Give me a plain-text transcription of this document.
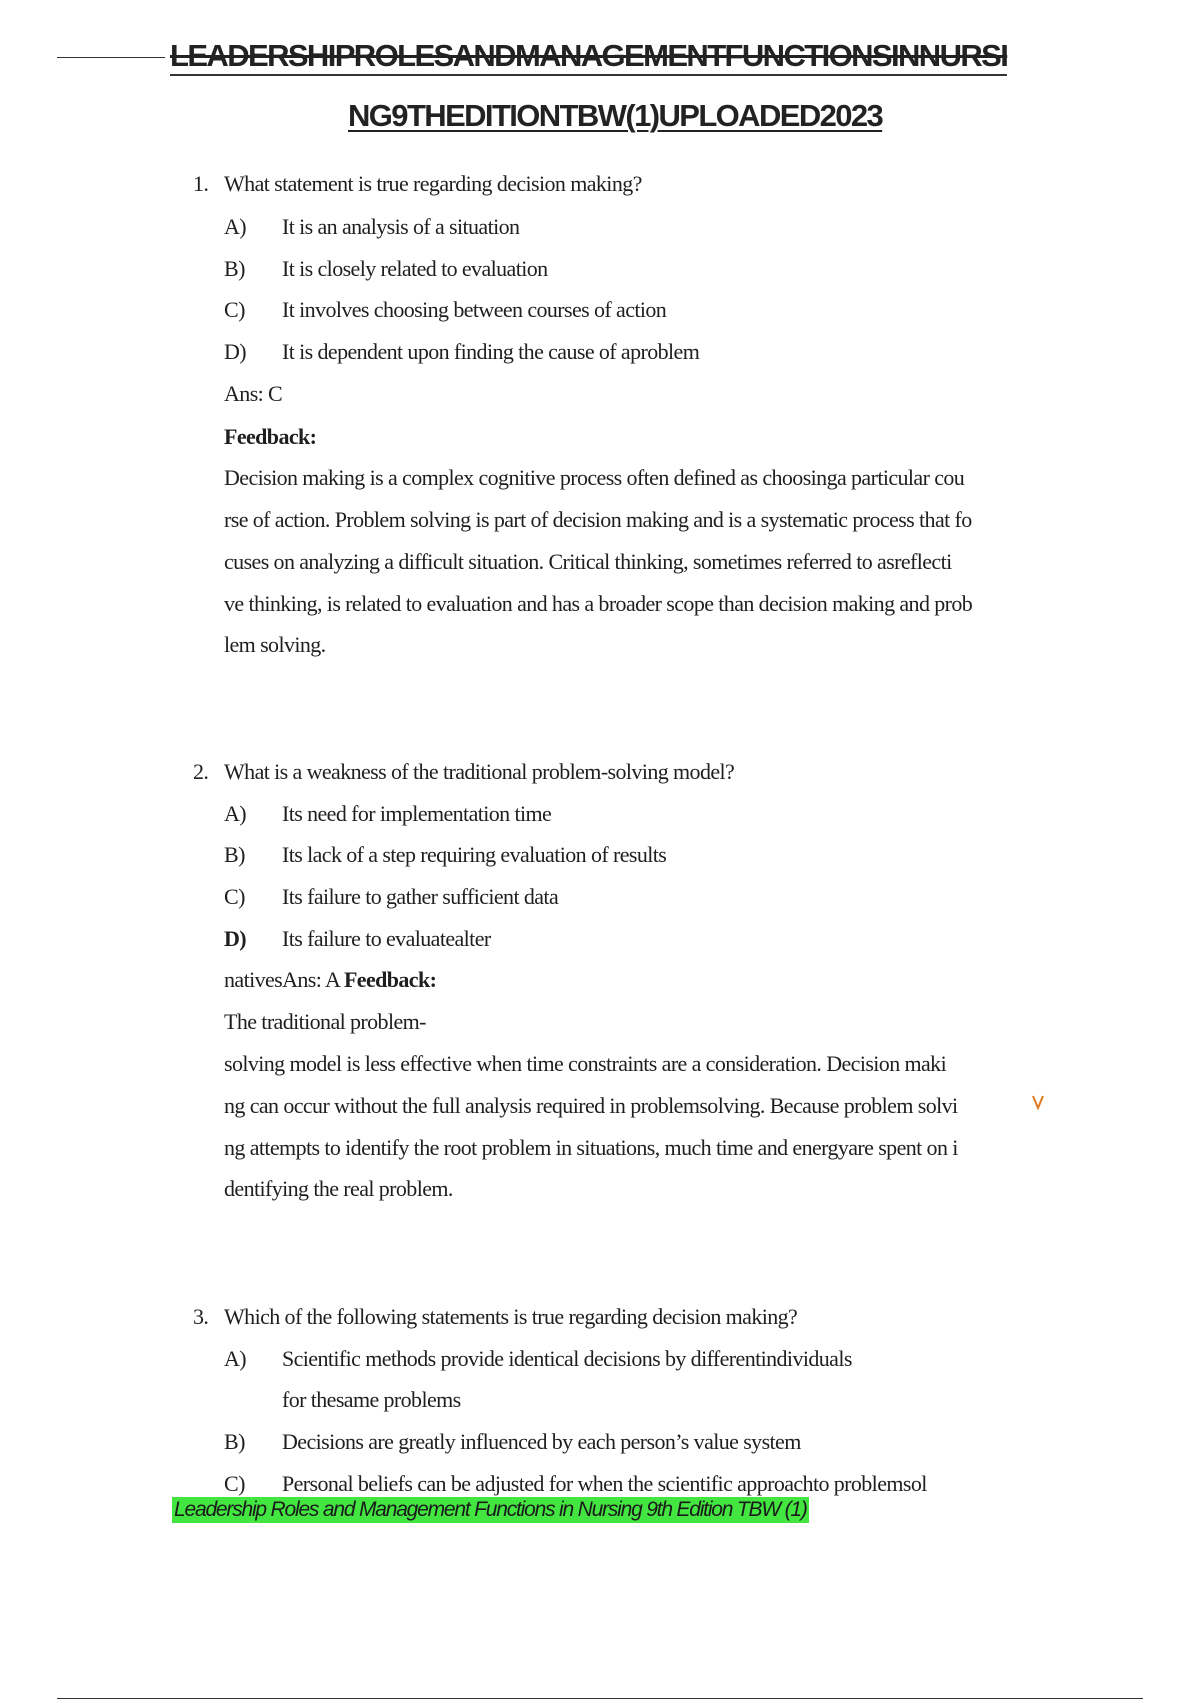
LEADERSHIPROLESANDMANAGEMENTFUNCTIONSINNURSI
NG9THEDITIONTBW(1)UPLOADED2023
1. What statement is true regarding decision making?
A) It is an analysis of a situation
B) It is closely related to evaluation
C) It involves choosing between courses of action
D) It is dependent upon finding the cause of aproblem
Ans: C
Feedback:
Decision making is a complex cognitive process often defined as choosinga particular cou
rse of action. Problem solving is part of decision making and is a systematic process that fo
cuses on analyzing a difficult situation. Critical thinking, sometimes referred to asreflecti
ve thinking, is related to evaluation and has a broader scope than decision making and prob
lem solving.
2. What is a weakness of the traditional problem-solving model?
A) Its need for implementation time
B) Its lack of a step requiring evaluation of results
C) Its failure to gather sufficient data
D) Its failure to evaluatealter
nativesAns: A Feedback:
The traditional problem-
solving model is less effective when time constraints are a consideration. Decision maki
ng can occur without the full analysis required in problemsolving. Because problem solvi
ng attempts to identify the root problem in situations, much time and energyare spent on i
dentifying the real problem.
3. Which of the following statements is true regarding decision making?
A) Scientific methods provide identical decisions by differentindividuals
for thesame problems
B) Decisions are greatly influenced by each person’s value system
C) Personal beliefs can be adjusted for when the scientific approachto problemsol
Leadership Roles and Management Functions in Nursing 9th Edition TBW (1)
